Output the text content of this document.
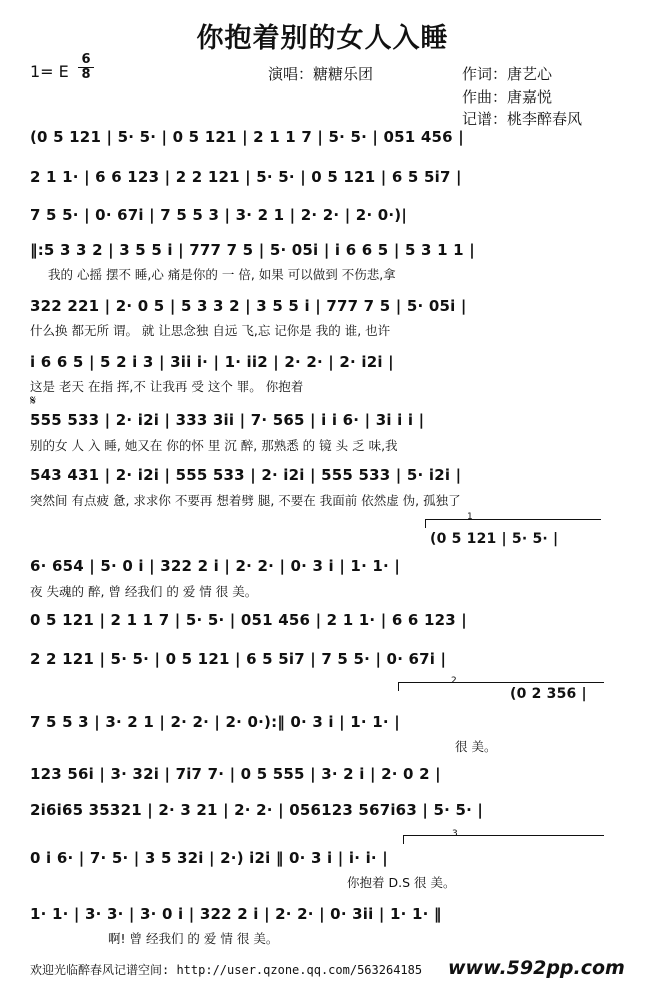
你抱着别的女人入睡
1= E
6
8	演唱：糖糖乐团	作词：唐艺心
作曲：唐嘉悦
记谱：桃李醉春风
𝄋
1
(0 5 121 | 5· 5· |
2
(0 2 356 |
3
(0 5 121 | 5· 5· | 0 5 121 | 2 1 1 7 | 5· 5· | 051 456 |
2 1 1· | 6 6 123 | 2 2 121 | 5· 5· | 0 5 121 | 6 5 5i7 |
7 5 5· | 0· 67i | 7 5 5 3 | 3· 2 1 | 2· 2· | 2· 0·)|
‖:5 3 3 2 | 3 5 5 i | 777 7 5 | 5· 05i | i 6 6 5 | 5 3 1 1 |
我的 心摇 摆不 睡,心 痛是你的 一 倍, 如果 可以做到 不伤悲,拿
322 221 | 2· 0 5 | 5 3 3 2 | 3 5 5 i | 777 7 5 | 5· 05i |
什么换 都无所 谓。 就 让思念独 自远 飞,忘 记你是 我的 谁, 也许
i 6 6 5 | 5 2 i 3 | 3ii i· | 1· ii2 | 2· 2· | 2· i2i |
这是 老天 在指 挥,不 让我再 受 这个 罪。 你抱着
555 533 | 2· i2i | 333 3ii | 7· 565 | i i 6· | 3i i i |
别的女 人 入 睡, 她又在 你的怀 里 沉 醉, 那熟悉 的 镜 头 乏 味,我
543 431 | 2· i2i | 555 533 | 2· i2i | 555 533 | 5· i2i |
突然间 有点疲 惫, 求求你 不要再 想着劈 腿, 不要在 我面前 依然虚 伪, 孤独了
6· 654 | 5· 0 i | 322 2 i | 2· 2· | 0· 3 i | 1· 1· |
夜 失魂的 醉, 曾 经我们 的 爱 情 很 美。
0 5 121 | 2 1 1 7 | 5· 5· | 051 456 | 2 1 1· | 6 6 123 |
2 2 121 | 5· 5· | 0 5 121 | 6 5 5i7 | 7 5 5· | 0· 67i |
7 5 5 3 | 3· 2 1 | 2· 2· | 2· 0·):‖ 0· 3 i | 1· 1· |
很 美。
123 56i | 3· 32i | 7i7 7· | 0 5 555 | 3· 2 i | 2· 0 2 |
2i6i65 35321 | 2· 3 21 | 2· 2· | 056123 567i63 | 5· 5· |
0 i 6· | 7· 5· | 3 5 32i | 2·) i2i ‖ 0· 3 i | i· i· |
你抱着 D.S 很 美。
1· 1· | 3· 3· | 3· 0 i | 322 2 i | 2· 2· | 0· 3ii | 1· 1· ‖
啊! 曾 经我们 的 爱 情 很 美。
欢迎光临醉春风记谱空间: http://user.qzone.qq.com/563264185 www.592pp.com
